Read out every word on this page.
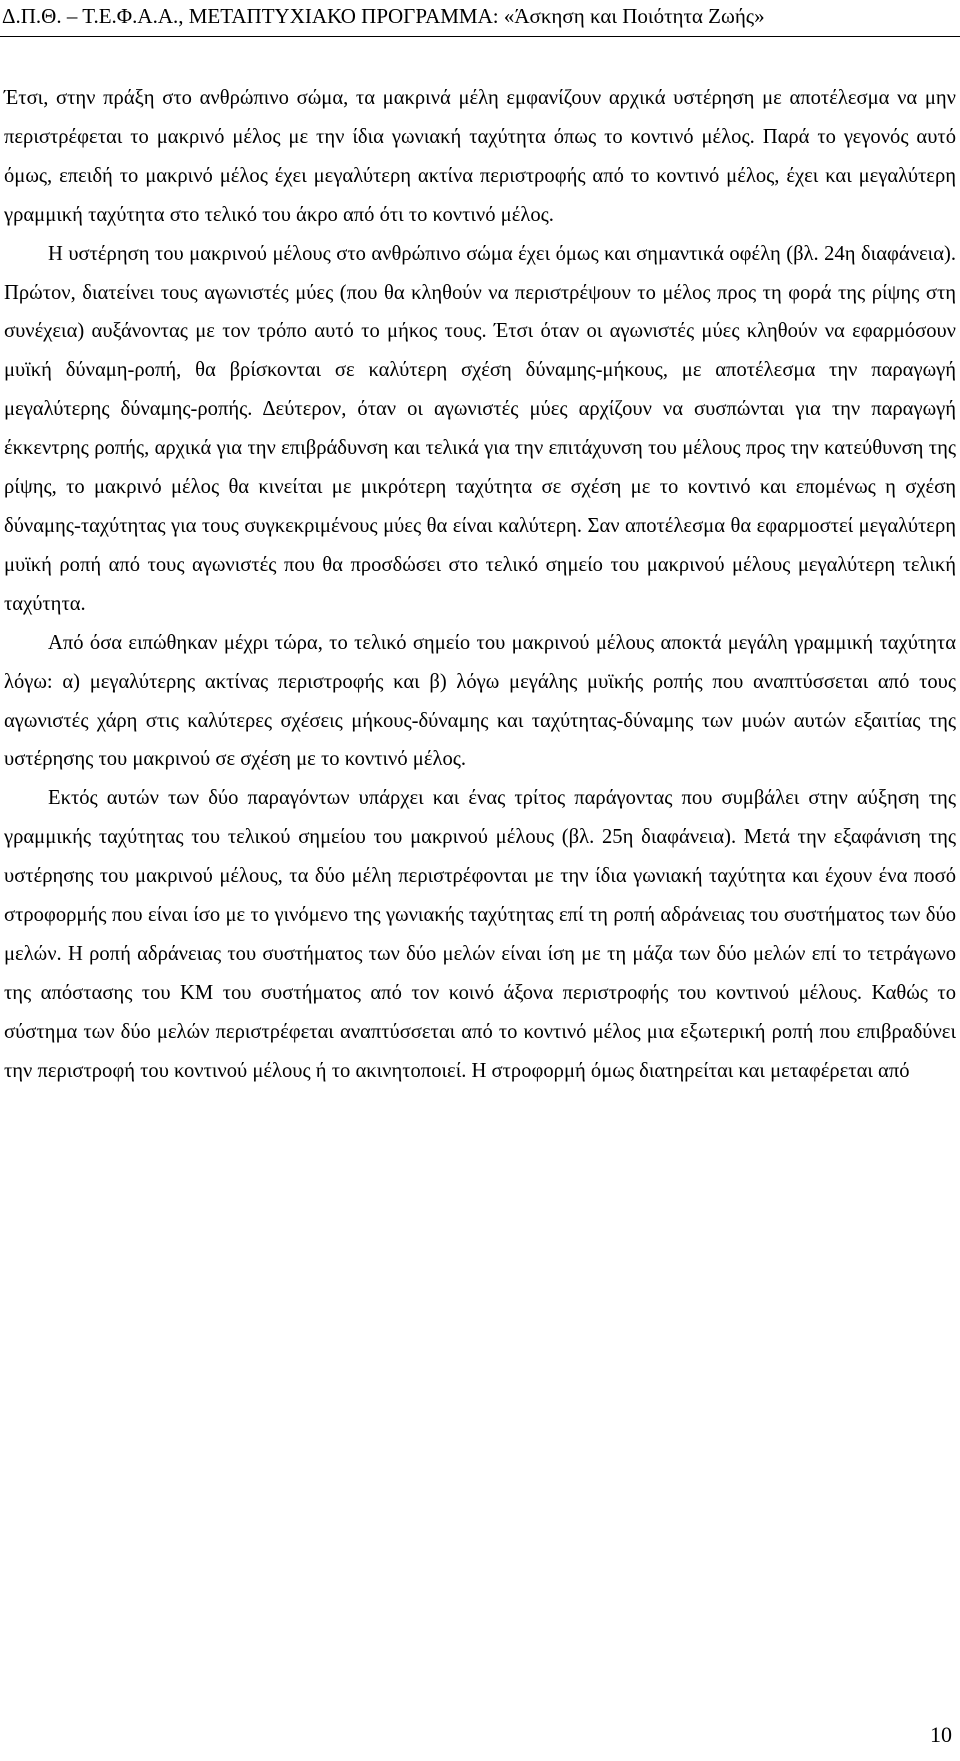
Δ.Π.Θ. – Τ.Ε.Φ.Α.Α., ΜΕΤΑΠΤΥΧΙΑΚΟ ΠΡΟΓΡΑΜΜΑ: «Άσκηση και Ποιότητα Ζωής»

Έτσι, στην πράξη στο ανθρώπινο σώμα, τα μακρινά μέλη εμφανίζουν αρχικά υστέρηση με αποτέλεσμα να μην περιστρέφεται το μακρινό μέλος με την ίδια γωνιακή ταχύτητα όπως το κοντινό μέλος. Παρά το γεγονός αυτό όμως, επειδή το μακρινό μέλος έχει μεγαλύτερη ακτίνα περιστροφής από το κοντινό μέλος, έχει και μεγαλύτερη γραμμική ταχύτητα στο τελικό του άκρο από ότι το κοντινό μέλος.

Η υστέρηση του μακρινού μέλους στο ανθρώπινο σώμα έχει όμως και σημαντικά οφέλη (βλ. 24η διαφάνεια). Πρώτον, διατείνει τους αγωνιστές μύες (που θα κληθούν να περιστρέψουν το μέλος προς τη φορά της ρίψης στη συνέχεια) αυξάνοντας με τον τρόπο αυτό το μήκος τους. Έτσι όταν οι αγωνιστές μύες κληθούν να εφαρμόσουν μυϊκή δύναμη-ροπή, θα βρίσκονται σε καλύτερη σχέση δύναμης-μήκους, με αποτέλεσμα την παραγωγή μεγαλύτερης δύναμης-ροπής. Δεύτερον, όταν οι αγωνιστές μύες αρχίζουν να συσπώνται για την παραγωγή έκκεντρης ροπής, αρχικά για την επιβράδυνση και τελικά για την επιτάχυνση του μέλους προς την κατεύθυνση της ρίψης, το μακρινό μέλος θα κινείται με μικρότερη ταχύτητα σε σχέση με το κοντινό και επομένως η σχέση δύναμης-ταχύτητας για τους συγκεκριμένους μύες θα είναι καλύτερη. Σαν αποτέλεσμα θα εφαρμοστεί μεγαλύτερη μυϊκή ροπή από τους αγωνιστές που θα προσδώσει στο τελικό σημείο του μακρινού μέλους μεγαλύτερη τελική ταχύτητα.

Από όσα ειπώθηκαν μέχρι τώρα, το τελικό σημείο του μακρινού μέλους αποκτά μεγάλη γραμμική ταχύτητα λόγω: α) μεγαλύτερης ακτίνας περιστροφής και β) λόγω μεγάλης μυϊκής ροπής που αναπτύσσεται από τους αγωνιστές χάρη στις καλύτερες σχέσεις μήκους-δύναμης και ταχύτητας-δύναμης των μυών αυτών εξαιτίας της υστέρησης του μακρινού σε σχέση με το κοντινό μέλος.

Εκτός αυτών των δύο παραγόντων υπάρχει και ένας τρίτος παράγοντας που συμβάλει στην αύξηση της γραμμικής ταχύτητας του τελικού σημείου του μακρινού μέλους (βλ. 25η διαφάνεια). Μετά την εξαφάνιση της υστέρησης του μακρινού μέλους, τα δύο μέλη περιστρέφονται με την ίδια γωνιακή ταχύτητα και έχουν ένα ποσό στροφορμής που είναι ίσο με το γινόμενο της γωνιακής ταχύτητας επί τη ροπή αδράνειας του συστήματος των δύο μελών. Η ροπή αδράνειας του συστήματος των δύο μελών είναι ίση με τη μάζα των δύο μελών επί το τετράγωνο της απόστασης του ΚΜ του συστήματος από τον κοινό άξονα περιστροφής του κοντινού μέλους. Καθώς το σύστημα των δύο μελών περιστρέφεται αναπτύσσεται από το κοντινό μέλος μια εξωτερική ροπή που επιβραδύνει την περιστροφή του κοντινού μέλους ή το ακινητοποιεί. Η στροφορμή όμως διατηρείται και μεταφέρεται από

10
